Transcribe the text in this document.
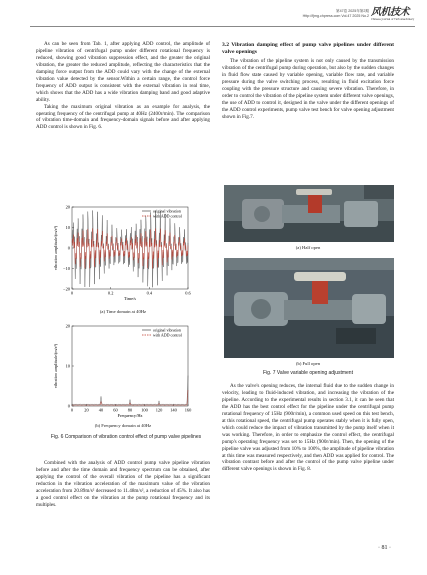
第47卷 2025年第2期
Http://fjmg.chpress.com Vol.47 2025 No.2 风机技术
Chinese Journal of Turbomachinery

As can be seen from Tab. 1, after applying ADD control, the amplitude of pipeline vibration of centrifugal pump under different rotational frequency is reduced, showing good vibration suppression effect, and the greater the original vibration, the greater the reduced amplitude, reflecting the characteristics that the damping force output from the ADD could vary with the change of the external vibration value detected by the sensor.Within a certain range, the control force frequency of ADD output is consistent with the external vibration in real time, which shows that the ADD has a wide vibration damping band and good adaptive ability.

Taking the maximum original vibration as an example for analysis, the operating frequency of the centrifugal pump at 40Hz (2400r/min). The comparison of vibration time-domain and frequency-domain signals before and after applying ADD control is shown in Fig. 6.

0	0.2	0.4	0.6
−20
−10
0
10
20
Time/s
vibration amplitude/(m/s²)
original vibration
with ADD control
(a) Time domain at 40Hz
0	20 40 60 80 100 120 140 160
0
10
20
Frequency/Hz
vibration amplitude/(m/s²)
original vibration
with ADD control
(b) Frequency domain at 40Hz
Fig. 6 Comparison of vibration control effect of pump valve pipelines

Combined with the analysis of ADD control pump valve pipeline vibration before and after the time domain and frequency spectrum can be obtained, after applying the control of the overall vibration of the pipeline has a significant reduction in the vibration acceleration of the maximum value of the vibration acceleration from 20.89m/s² decreased to 11.48m/s², a reduction of 45%. It also has a good control effect on the vibration at the pump rotational frequency and its multiples.

3.2 Vibration damping effect of pump valve pipelines under different valve openings

The vibration of the pipeline system is not only caused by the transmission vibration of the centrifugal pump during operation, but also by the sudden changes in fluid flow state caused by variable opening, variable flow rate, and variable pressure during the valve switching process, resulting in fluid excitation force coupling with the pressure structure and causing severe vibration. Therefore, in order to control the vibration of the pipeline system under different valve openings, the use of ADD to control it, designed in the valve under the different openings of the ADD control experiments, pump valve test bench for valve opening adjustment shown in Fig.7.

(a) Half open
(b) Full open
Fig. 7 Valve variable opening adjustment

As the valve's opening reduces, the internal fluid due to the sudden change in velocity, leading to fluid-induced vibration, and increasing the vibration of the pipeline. According to the experimental results in section 3.1, it can be seen that the ADD has the best control effect for the pipeline under the centrifugal pump rotational frequency of 15Hz (900r/min), a common used speed on this test bench, at this rotational speed, the centrifugal pump operates stably when it is fully open, which could reduce the impact of vibration transmitted by the pump itself when it was working. Therefore, in order to emphasize the control effect, the centrifugal pump's operating frequency was set to 15Hz (900r/min). Then, the opening of the pipeline valve was adjusted from 10% to 100%, the amplitude of pipeline vibration at this time was measured respectively, and then ADD was applied for control. The vibration contrast before and after the control of the pump valve pipeline under different valve openings is shown in Fig. 8.

· 81 ·
